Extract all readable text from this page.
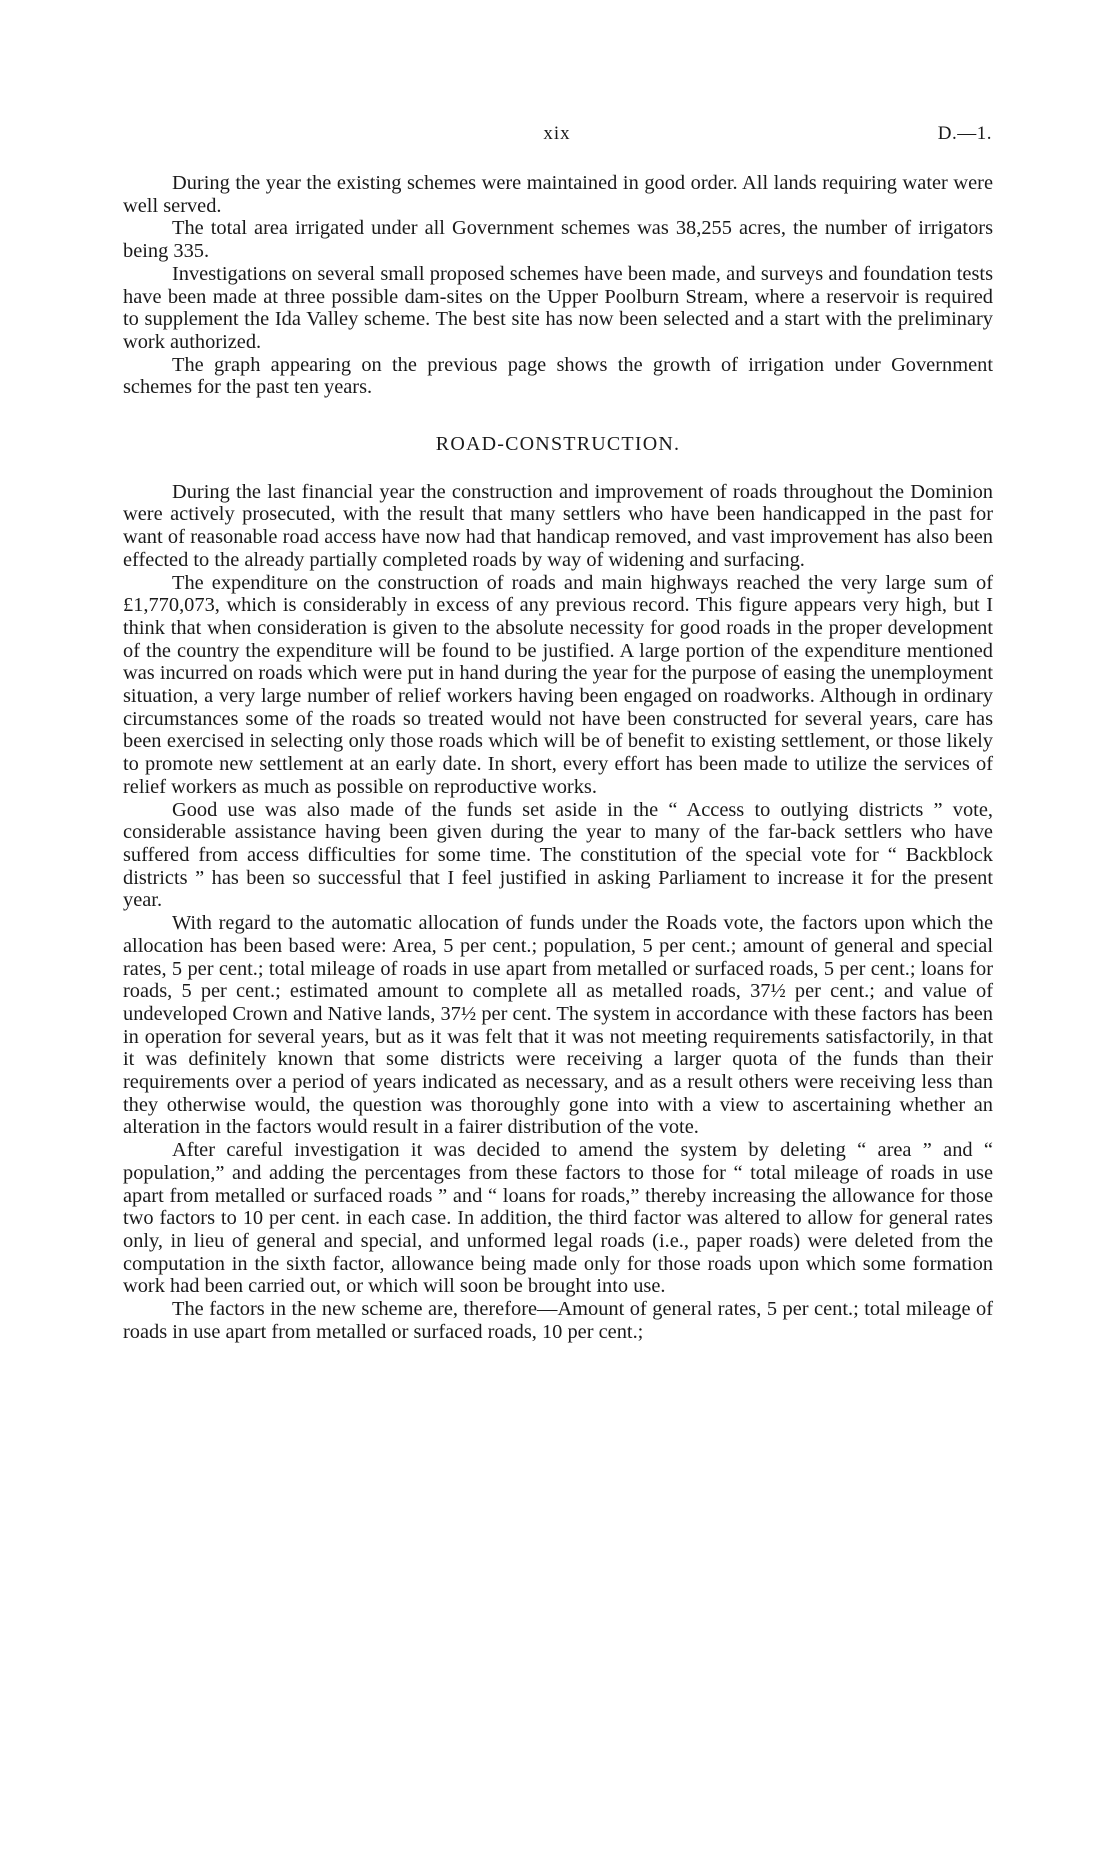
xix	D.—1.

During the year the existing schemes were maintained in good order. All lands requiring water were well served.

The total area irrigated under all Government schemes was 38,255 acres, the number of irrigators being 335.

Investigations on several small proposed schemes have been made, and surveys and foundation tests have been made at three possible dam-sites on the Upper Poolburn Stream, where a reservoir is required to supplement the Ida Valley scheme. The best site has now been selected and a start with the preliminary work authorized.

The graph appearing on the previous page shows the growth of irrigation under Government schemes for the past ten years.

ROAD-CONSTRUCTION.

During the last financial year the construction and improvement of roads throughout the Dominion were actively prosecuted, with the result that many settlers who have been handicapped in the past for want of reasonable road access have now had that handicap removed, and vast improvement has also been effected to the already partially completed roads by way of widening and surfacing.

The expenditure on the construction of roads and main highways reached the very large sum of £1,770,073, which is considerably in excess of any previous record. This figure appears very high, but I think that when consideration is given to the absolute necessity for good roads in the proper development of the country the expenditure will be found to be justified. A large portion of the expenditure mentioned was incurred on roads which were put in hand during the year for the purpose of easing the unemployment situation, a very large number of relief workers having been engaged on roadworks. Although in ordinary circumstances some of the roads so treated would not have been constructed for several years, care has been exercised in selecting only those roads which will be of benefit to existing settlement, or those likely to promote new settlement at an early date. In short, every effort has been made to utilize the services of relief workers as much as possible on reproductive works.

Good use was also made of the funds set aside in the “ Access to outlying districts ” vote, considerable assistance having been given during the year to many of the far-back settlers who have suffered from access difficulties for some time. The constitution of the special vote for “ Backblock districts ” has been so successful that I feel justified in asking Parliament to increase it for the present year.

With regard to the automatic allocation of funds under the Roads vote, the factors upon which the allocation has been based were: Area, 5 per cent.; population, 5 per cent.; amount of general and special rates, 5 per cent.; total mileage of roads in use apart from metalled or surfaced roads, 5 per cent.; loans for roads, 5 per cent.; estimated amount to complete all as metalled roads, 37½ per cent.; and value of undeveloped Crown and Native lands, 37½ per cent. The system in accordance with these factors has been in operation for several years, but as it was felt that it was not meeting requirements satisfactorily, in that it was definitely known that some districts were receiving a larger quota of the funds than their requirements over a period of years indicated as necessary, and as a result others were receiving less than they otherwise would, the question was thoroughly gone into with a view to ascertaining whether an alteration in the factors would result in a fairer distribution of the vote.

After careful investigation it was decided to amend the system by deleting “ area ” and “ population,” and adding the percentages from these factors to those for “ total mileage of roads in use apart from metalled or surfaced roads ” and “ loans for roads,” thereby increasing the allowance for those two factors to 10 per cent. in each case. In addition, the third factor was altered to allow for general rates only, in lieu of general and special, and unformed legal roads (i.e., paper roads) were deleted from the computation in the sixth factor, allowance being made only for those roads upon which some formation work had been carried out, or which will soon be brought into use.

The factors in the new scheme are, therefore—Amount of general rates, 5 per cent.; total mileage of roads in use apart from metalled or surfaced roads, 10 per cent.;
